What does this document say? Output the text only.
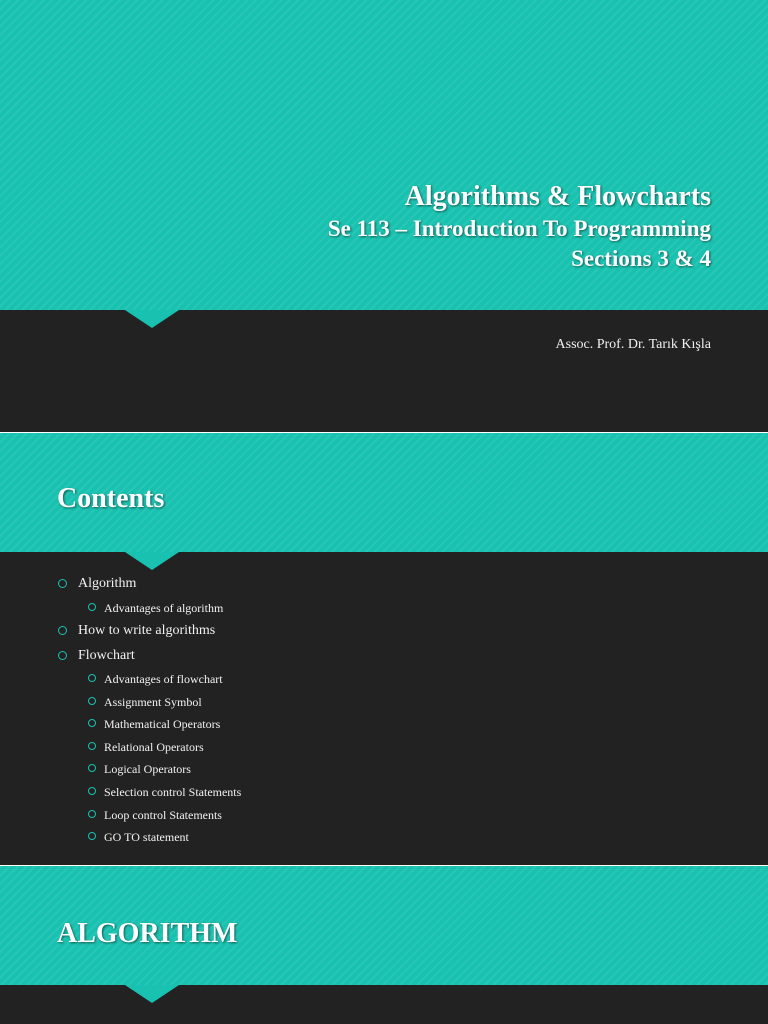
Algorithms & Flowcharts
Se 113 – Introduction To Programming
Sections 3 & 4
Assoc. Prof. Dr. Tarık Kışla
Contents
Algorithm
Advantages of algorithm
How to write algorithms
Flowchart
Advantages of flowchart
Assignment Symbol
Mathematical Operators
Relational Operators
Logical Operators
Selection control Statements
Loop control Statements
GO TO statement
ALGORITHM
